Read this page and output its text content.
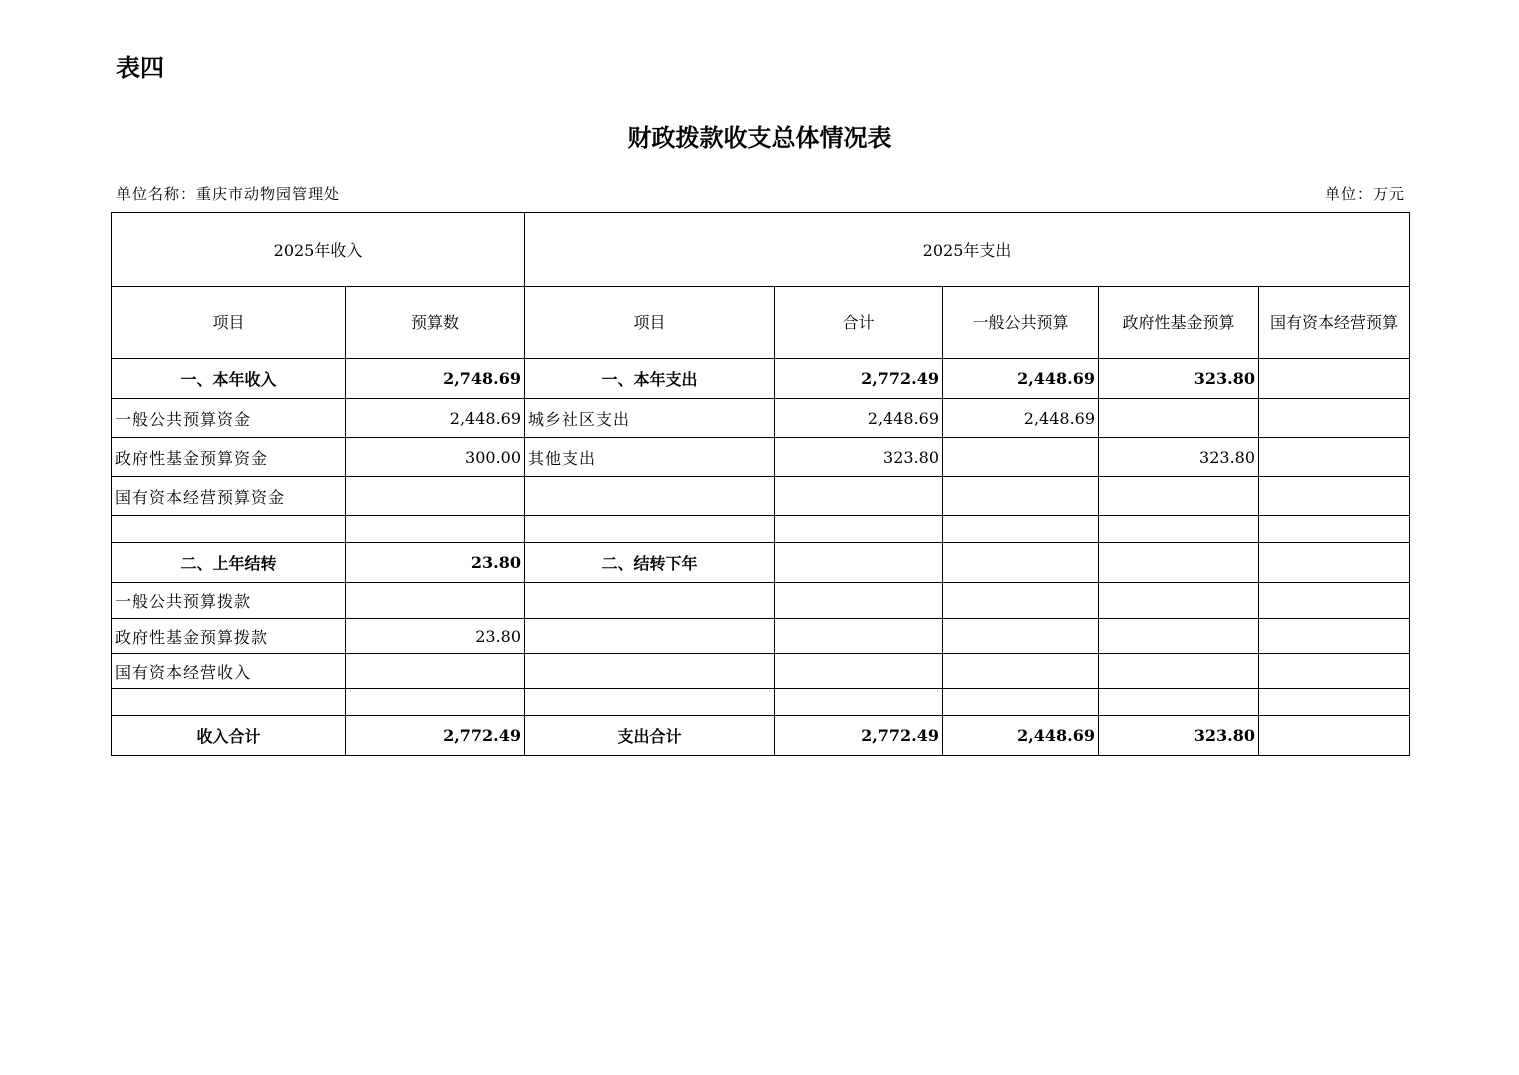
表四
财政拨款收支总体情况表
单位名称：重庆市动物园管理处	单位：万元
2025年收入		2025年支出				
项目	预算数	项目	合计	一般公共预算	政府性基金预算	国有资本经营预算
一、本年收入	2,748.69	一、本年支出	2,772.49	2,448.69	323.80	
一般公共预算资金	2,448.69	城乡社区支出	2,448.69	2,448.69		
政府性基金预算资金	300.00	其他支出	323.80		323.80	
国有资本经营预算资金						

二、上年结转	23.80	二、结转下年				
一般公共预算拨款						
政府性基金预算拨款	23.80					
国有资本经营收入						

收入合计	2,772.49	支出合计	2,772.49	2,448.69	323.80	
